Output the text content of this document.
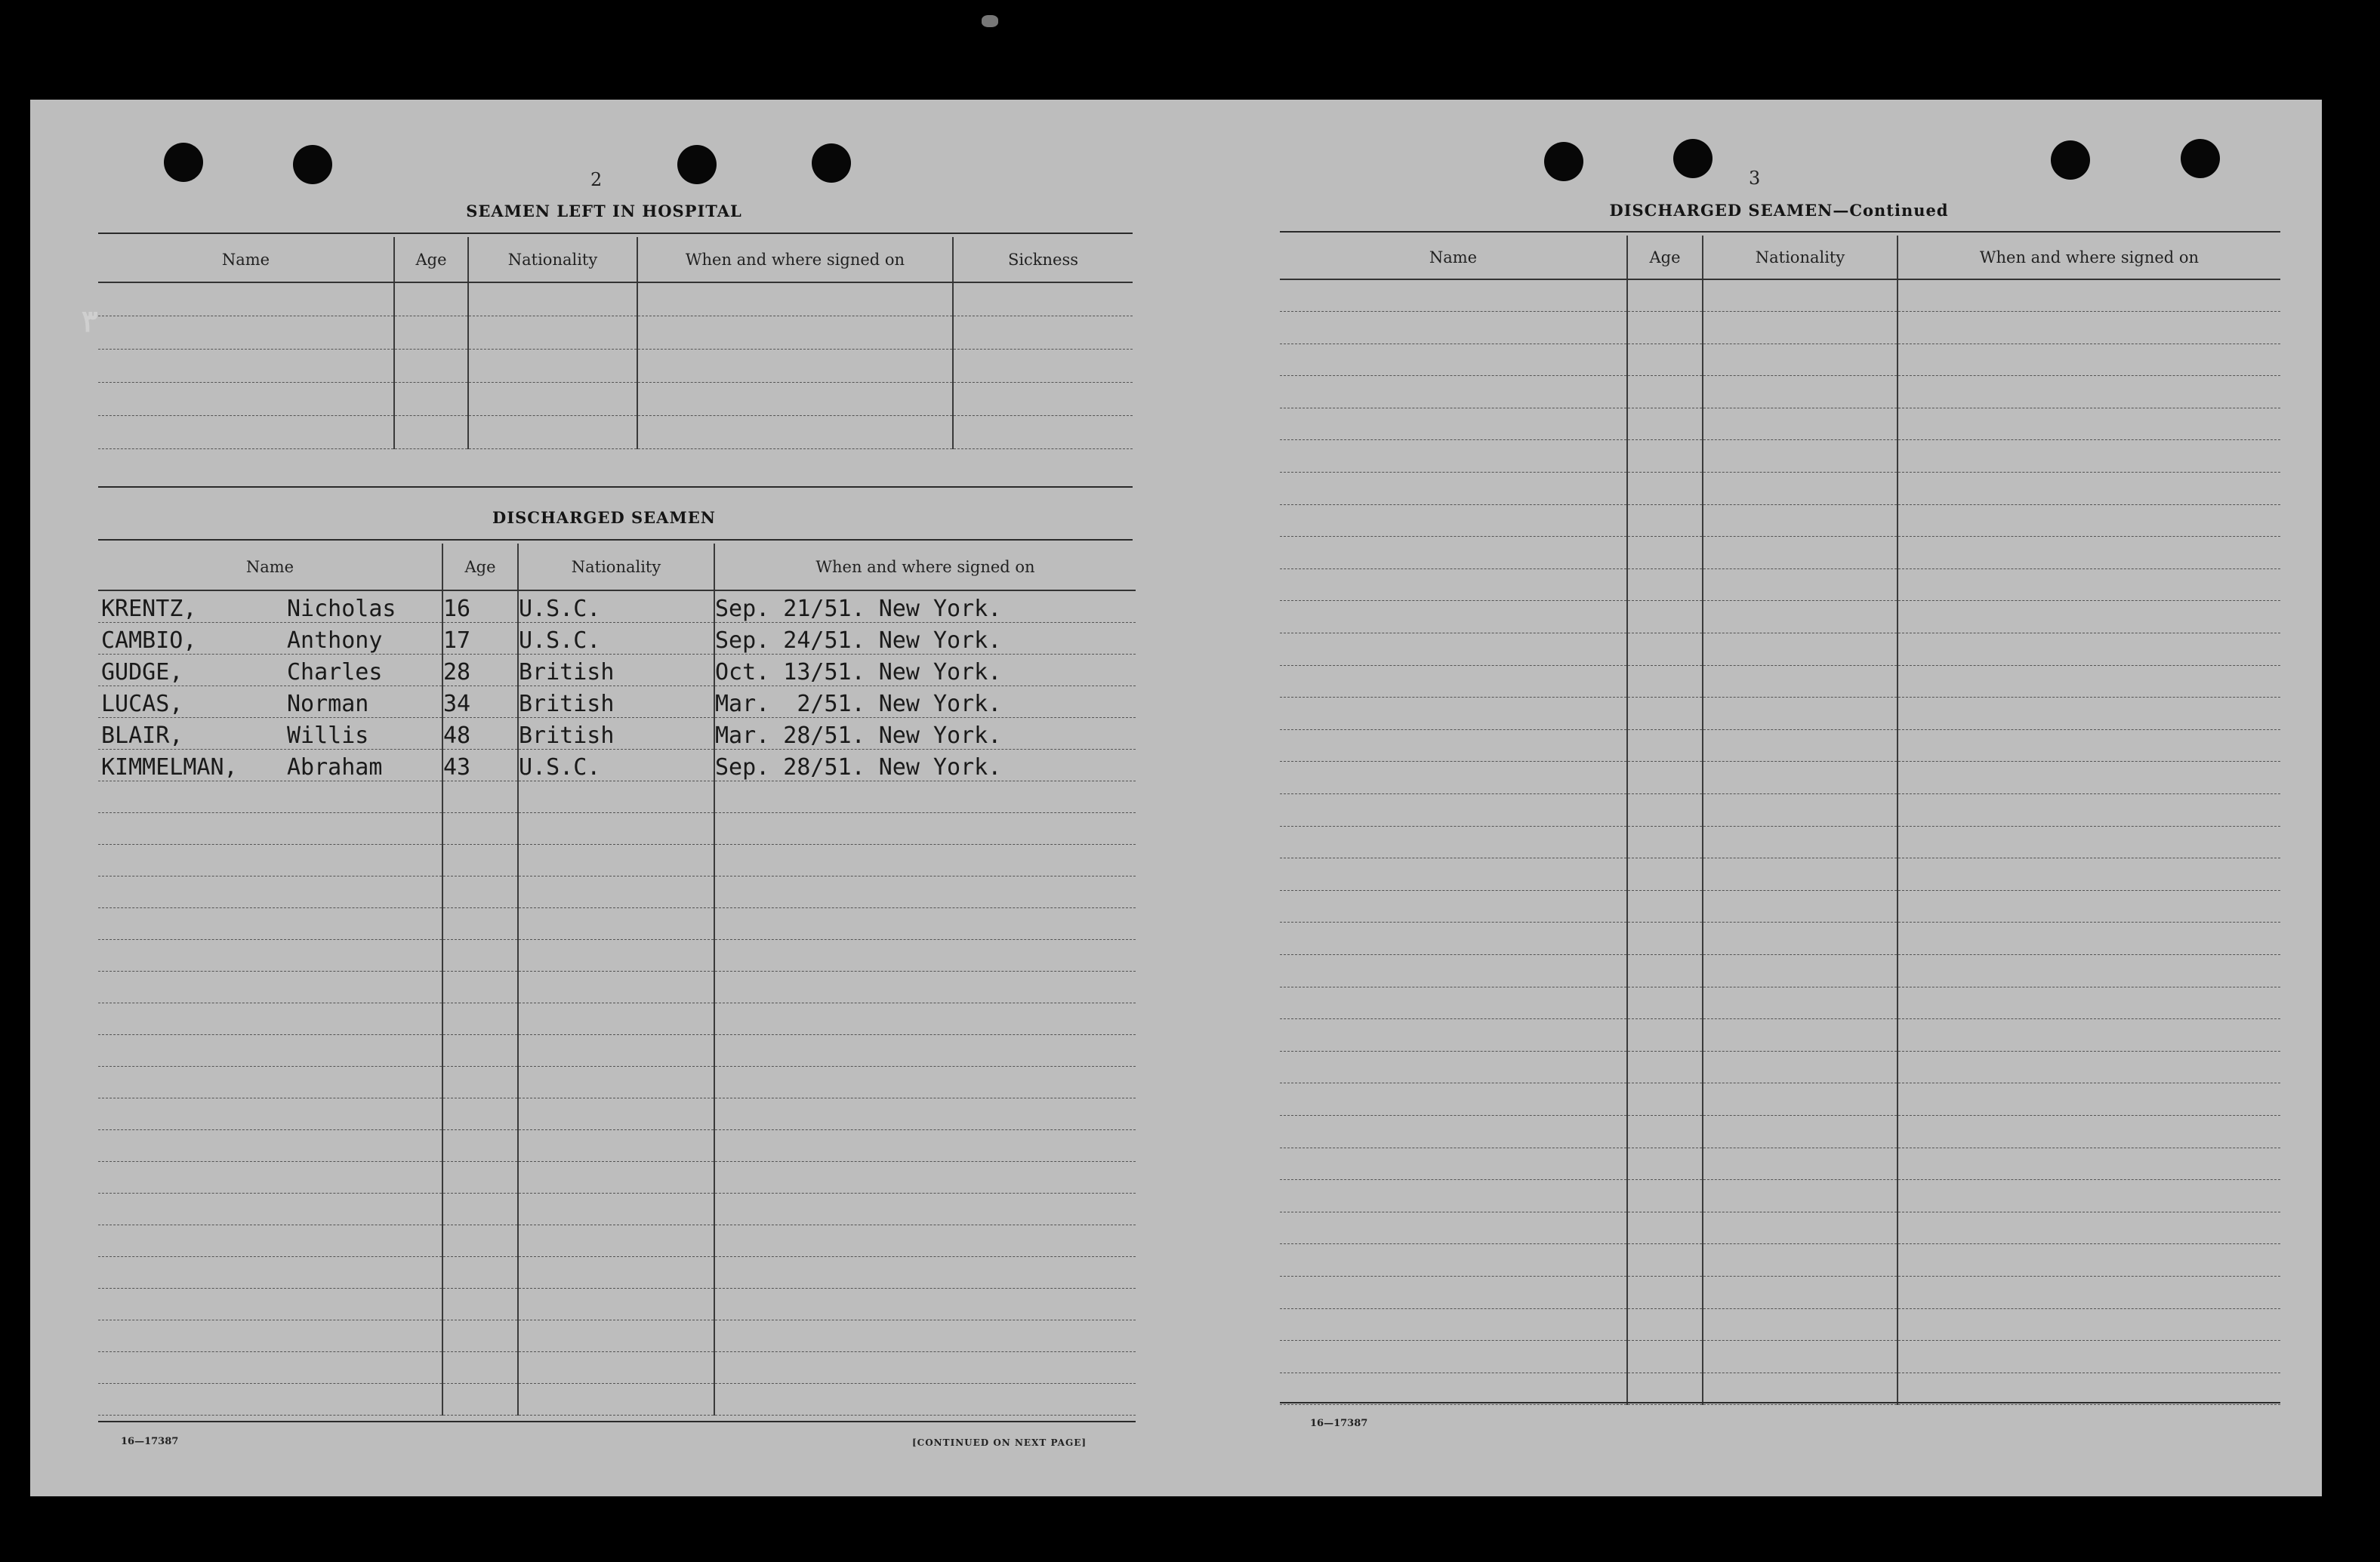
۳
2
SEAMEN LEFT IN HOSPITAL
Name	Age	Nationality	When and where signed on	Sickness

DISCHARGED SEAMEN
Name	Age	Nationality	When and where signed on
KRENTZ, Nicholas	16	U.S.C.	Sep. 21/51. New York.
CAMBIO, Anthony	17	U.S.C.	Sep. 24/51. New York.
GUDGE, Charles	28	British	Oct. 13/51. New York.
LUCAS, Norman	34	British	Mar.  2/51. New York.
BLAIR, Willis	48	British	Mar. 28/51. New York.
KIMMELMAN, Abraham	43	U.S.C.	Sep. 28/51. New York.

16—17387	[CONTINUED ON NEXT PAGE]
3
DISCHARGED SEAMEN—Continued
Name	Age	Nationality	When and where signed on

16—17387
